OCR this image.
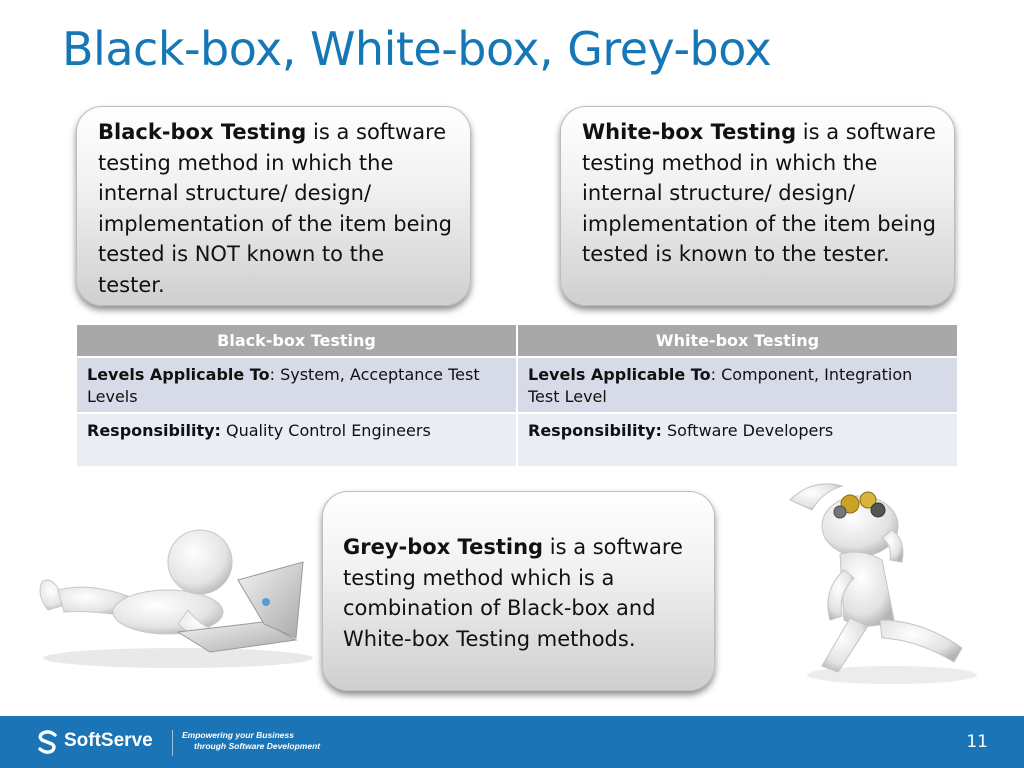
Black-box, White-box, Grey-box
Black-box Testing is a software testing method in which the internal structure/ design/ implementation of the item being tested is NOT known to the tester.
White-box Testing is a software testing method in which the internal structure/ design/ implementation of the item being tested is known to the tester.
Black-box Testing	White-box Testing
Levels Applicable To: System, Acceptance Test Levels	Levels Applicable To: Component, Integration Test Level
Responsibility: Quality Control Engineers	Responsibility: Software Developers
Grey-box Testing is a software testing method which is a combination of Black-box and White-box Testing methods.
SoftServe	Empowering your Business
through Software Development	11
